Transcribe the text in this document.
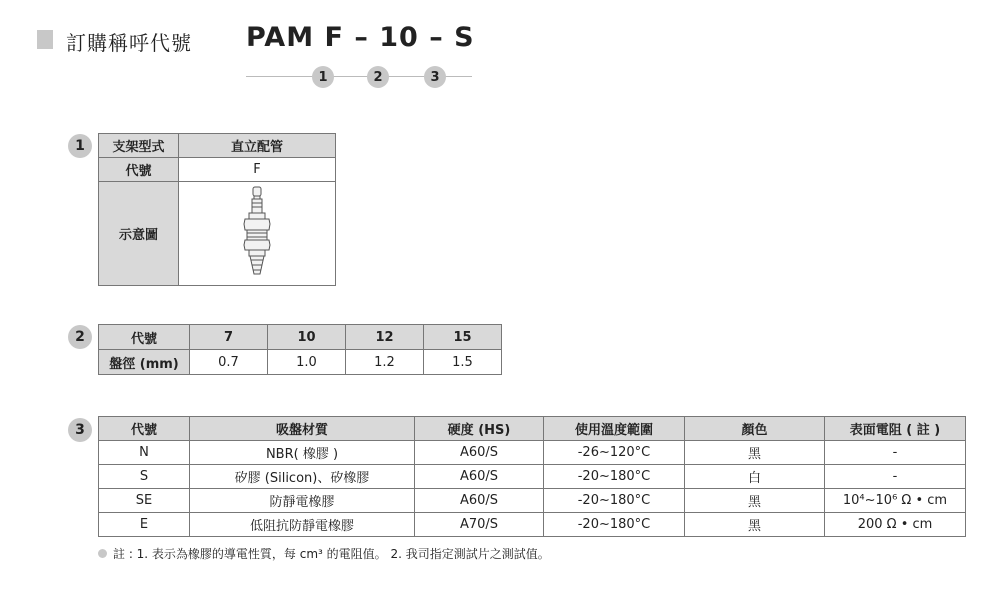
訂購稱呼代號 PAM F – 10 – S
1	2	3
1	支架型式	直立配管
代號	F
示意圖	
2	代號	7	10	12	15
盤徑 (mm)	0.7	1.0	1.2	1.5
3	代號	吸盤材質	硬度 (HS)	使用溫度範圍	顏色	表面電阻 ( 註 )
N	NBR( 橡膠 )	A60/S	-26~120°C	黑	-
S	矽膠 (Silicon)、矽橡膠	A60/S	-20~180°C	白	-
SE	防靜電橡膠	A60/S	-20~180°C	黑	10⁴~10⁶ Ω • cm
E	低阻抗防靜電橡膠	A70/S	-20~180°C	黑	200 Ω • cm
註 : 1. 表示為橡膠的導電性質，每 cm³ 的電阻值。 2. 我司指定測試片之測試值。
